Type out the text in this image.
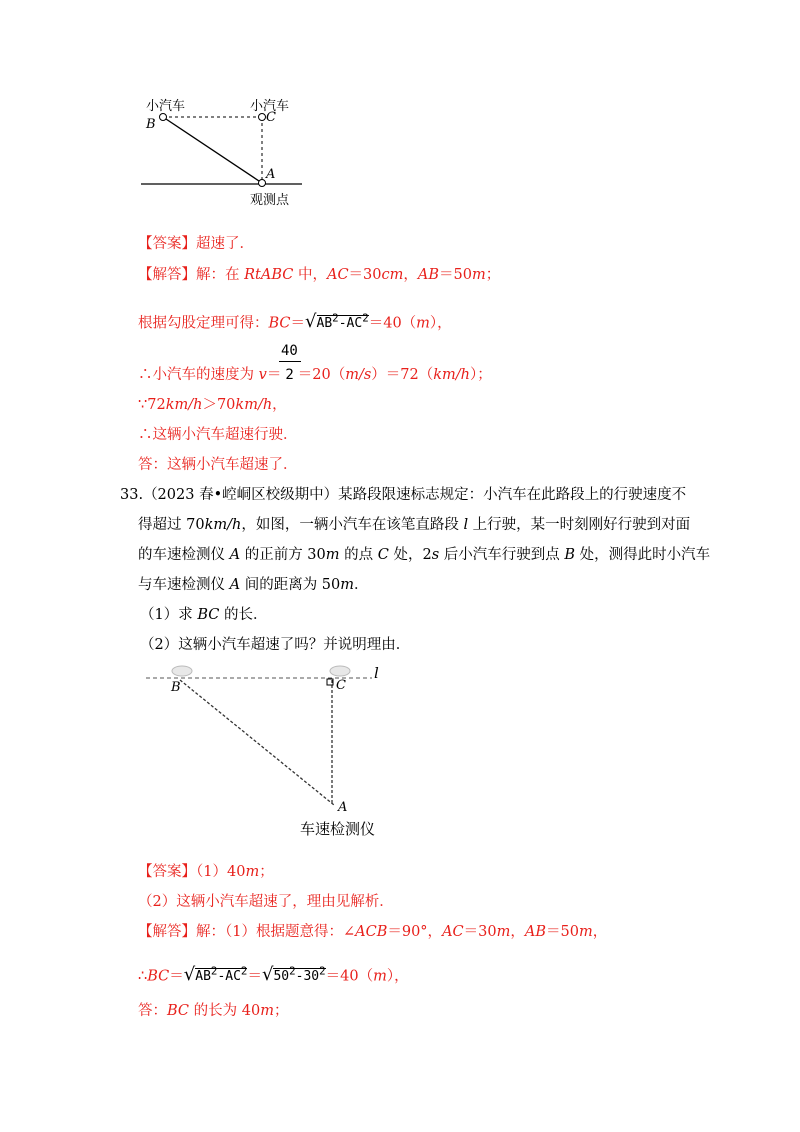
小汽车	小汽车
B	C
A
观测点
【答案】超速了．
【解答】解：在 RtABC 中，AC＝30cm，AB＝50m；
根据勾股定理可得：$BC=√AB^2-AC^2=40(m)$，
40
∴小汽车的速度为 v＝ 2 ＝20（m/s）＝72（km/h）；
∵72km/h＞70km/h，
∴这辆小汽车超速行驶．
答：这辆小汽车超速了．
33.（2023 春•崆峒区校级期中）某路段限速标志规定：小汽车在此路段上的行驶速度不
得超过 70km/h，如图，一辆小汽车在该笔直路段 l 上行驶，某一时刻刚好行驶到对面
的车速检测仪 A 的正前方 30m 的点 C 处，2s 后小汽车行驶到点 B 处，测得此时小汽车
与车速检测仪 A 间的距离为 50m．
（1）求 BC 的长．
（2）这辆小汽车超速了吗？并说明理由．
B	C
l
A
车速检测仪
【答案】（1）40m；
（2）这辆小汽车超速了，理由见解析．
【解答】解：（1）根据题意得：∠ACB＝90°，AC＝30m，AB＝50m，
$\therefore BC=√AB^2-AC^2=√50^2-30^2=40(m)$，
答：BC 的长为 40m；
